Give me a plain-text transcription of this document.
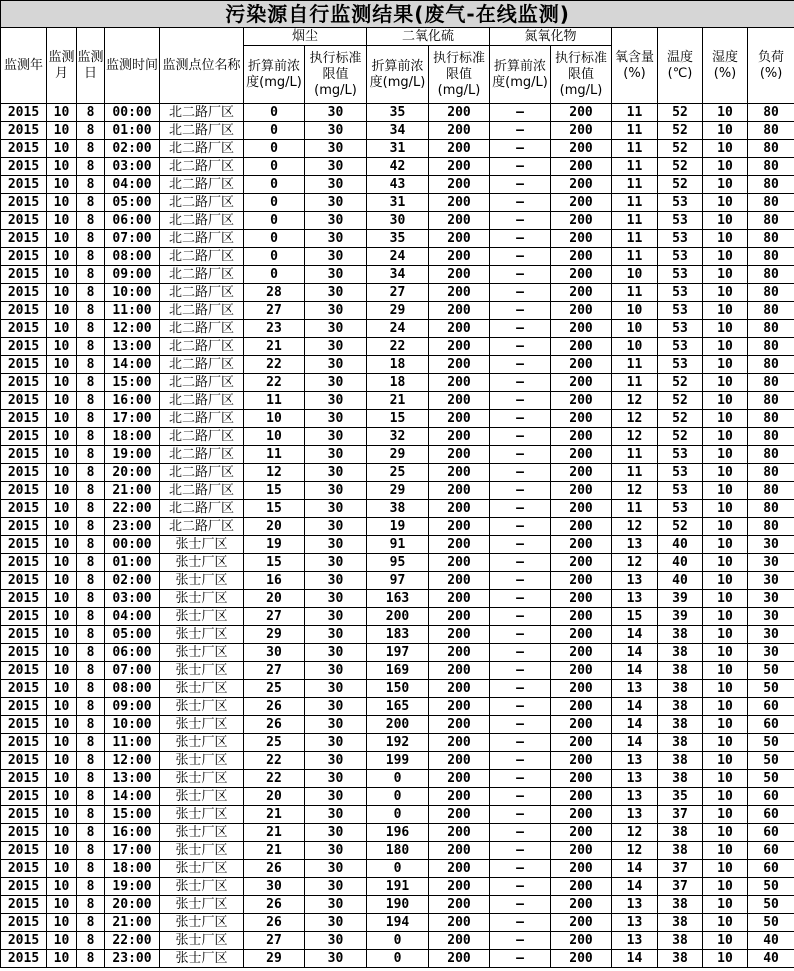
污染源自行监测结果(废气-在线监测)														
监测年	监测月	监测日	监测时间	监测点位名称	烟尘		二氧化硫		氮氧化物		氧含量(%)	温度(℃)	湿度(%)	负荷(%)
					折算前浓度(mg/L)	执行标准限值(mg/L)	折算前浓度(mg/L)	执行标准限值(mg/L)	折算前浓度(mg/L)	执行标准限值(mg/L)				
2015	10	8	00:00	北二路厂区	0	30	35	200	—	200	11	52	10	80
2015	10	8	01:00	北二路厂区	0	30	34	200	—	200	11	52	10	80
2015	10	8	02:00	北二路厂区	0	30	31	200	—	200	11	52	10	80
2015	10	8	03:00	北二路厂区	0	30	42	200	—	200	11	52	10	80
2015	10	8	04:00	北二路厂区	0	30	43	200	—	200	11	52	10	80
2015	10	8	05:00	北二路厂区	0	30	31	200	—	200	11	53	10	80
2015	10	8	06:00	北二路厂区	0	30	30	200	—	200	11	53	10	80
2015	10	8	07:00	北二路厂区	0	30	35	200	—	200	11	53	10	80
2015	10	8	08:00	北二路厂区	0	30	24	200	—	200	11	53	10	80
2015	10	8	09:00	北二路厂区	0	30	34	200	—	200	10	53	10	80
2015	10	8	10:00	北二路厂区	28	30	27	200	—	200	11	53	10	80
2015	10	8	11:00	北二路厂区	27	30	29	200	—	200	10	53	10	80
2015	10	8	12:00	北二路厂区	23	30	24	200	—	200	10	53	10	80
2015	10	8	13:00	北二路厂区	21	30	22	200	—	200	10	53	10	80
2015	10	8	14:00	北二路厂区	22	30	18	200	—	200	11	53	10	80
2015	10	8	15:00	北二路厂区	22	30	18	200	—	200	11	52	10	80
2015	10	8	16:00	北二路厂区	11	30	21	200	—	200	12	52	10	80
2015	10	8	17:00	北二路厂区	10	30	15	200	—	200	12	52	10	80
2015	10	8	18:00	北二路厂区	10	30	32	200	—	200	12	52	10	80
2015	10	8	19:00	北二路厂区	11	30	29	200	—	200	11	53	10	80
2015	10	8	20:00	北二路厂区	12	30	25	200	—	200	11	53	10	80
2015	10	8	21:00	北二路厂区	15	30	29	200	—	200	12	53	10	80
2015	10	8	22:00	北二路厂区	15	30	38	200	—	200	11	53	10	80
2015	10	8	23:00	北二路厂区	20	30	19	200	—	200	12	52	10	80
2015	10	8	00:00	张士厂区	19	30	91	200	—	200	13	40	10	30
2015	10	8	01:00	张士厂区	15	30	95	200	—	200	12	40	10	30
2015	10	8	02:00	张士厂区	16	30	97	200	—	200	13	40	10	30
2015	10	8	03:00	张士厂区	20	30	163	200	—	200	13	39	10	30
2015	10	8	04:00	张士厂区	27	30	200	200	—	200	15	39	10	30
2015	10	8	05:00	张士厂区	29	30	183	200	—	200	14	38	10	30
2015	10	8	06:00	张士厂区	30	30	197	200	—	200	14	38	10	30
2015	10	8	07:00	张士厂区	27	30	169	200	—	200	14	38	10	50
2015	10	8	08:00	张士厂区	25	30	150	200	—	200	13	38	10	50
2015	10	8	09:00	张士厂区	26	30	165	200	—	200	14	38	10	60
2015	10	8	10:00	张士厂区	26	30	200	200	—	200	14	38	10	60
2015	10	8	11:00	张士厂区	25	30	192	200	—	200	14	38	10	50
2015	10	8	12:00	张士厂区	22	30	199	200	—	200	13	38	10	50
2015	10	8	13:00	张士厂区	22	30	0	200	—	200	13	38	10	50
2015	10	8	14:00	张士厂区	20	30	0	200	—	200	13	35	10	60
2015	10	8	15:00	张士厂区	21	30	0	200	—	200	13	37	10	60
2015	10	8	16:00	张士厂区	21	30	196	200	—	200	12	38	10	60
2015	10	8	17:00	张士厂区	21	30	180	200	—	200	12	38	10	60
2015	10	8	18:00	张士厂区	26	30	0	200	—	200	14	37	10	60
2015	10	8	19:00	张士厂区	30	30	191	200	—	200	14	37	10	50
2015	10	8	20:00	张士厂区	26	30	190	200	—	200	13	38	10	50
2015	10	8	21:00	张士厂区	26	30	194	200	—	200	13	38	10	50
2015	10	8	22:00	张士厂区	27	30	0	200	—	200	13	38	10	40
2015	10	8	23:00	张士厂区	29	30	0	200	—	200	14	38	10	40
